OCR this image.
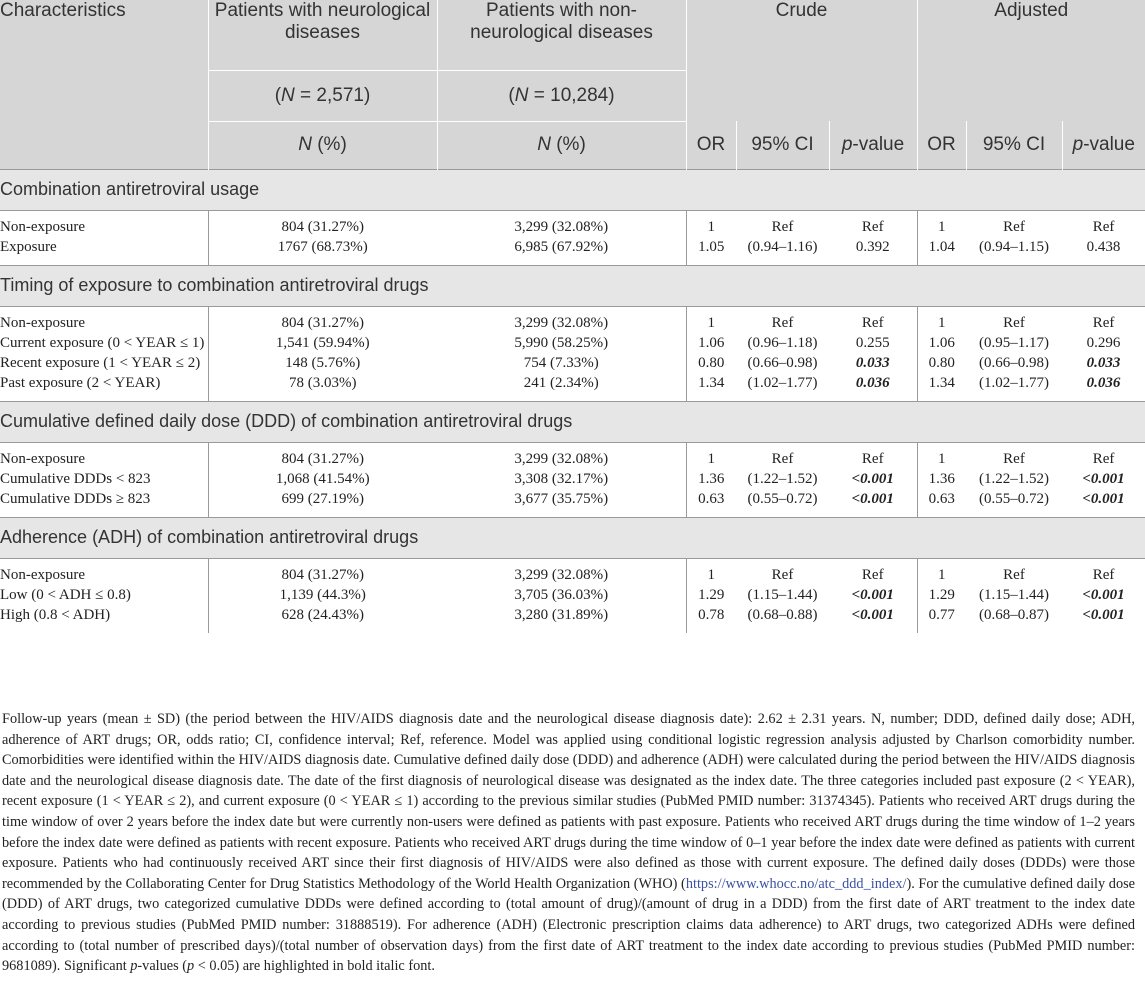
Characteristics	Patients with neurological diseases	Patients with non-neurological diseases	Crude			Adjusted		
	(N = 2,571)	(N = 10,284)						
	N (%)	N (%)	OR	95% CI	p-value	OR	95% CI	p-value
Combination antiretroviral usage								
Non-exposure	804 (31.27%)	3,299 (32.08%)	1	Ref	Ref	1	Ref	Ref
Exposure	1767 (68.73%)	6,985 (67.92%)	1.05	(0.94–1.16)	0.392	1.04	(0.94–1.15)	0.438
Timing of exposure to combination antiretroviral drugs								
Non-exposure	804 (31.27%)	3,299 (32.08%)	1	Ref	Ref	1	Ref	Ref
Current exposure (0 < YEAR ≤ 1)	1,541 (59.94%)	5,990 (58.25%)	1.06	(0.96–1.18)	0.255	1.06	(0.95–1.17)	0.296
Recent exposure (1 < YEAR ≤ 2)	148 (5.76%)	754 (7.33%)	0.80	(0.66–0.98)	0.033	0.80	(0.66–0.98)	0.033
Past exposure (2 < YEAR)	78 (3.03%)	241 (2.34%)	1.34	(1.02–1.77)	0.036	1.34	(1.02–1.77)	0.036
Cumulative defined daily dose (DDD) of combination antiretroviral drugs								
Non-exposure	804 (31.27%)	3,299 (32.08%)	1	Ref	Ref	1	Ref	Ref
Cumulative DDDs < 823	1,068 (41.54%)	3,308 (32.17%)	1.36	(1.22–1.52)	<0.001	1.36	(1.22–1.52)	<0.001
Cumulative DDDs ≥ 823	699 (27.19%)	3,677 (35.75%)	0.63	(0.55–0.72)	<0.001	0.63	(0.55–0.72)	<0.001
Adherence (ADH) of combination antiretroviral drugs								
Non-exposure	804 (31.27%)	3,299 (32.08%)	1	Ref	Ref	1	Ref	Ref
Low (0 < ADH ≤ 0.8)	1,139 (44.3%)	3,705 (36.03%)	1.29	(1.15–1.44)	<0.001	1.29	(1.15–1.44)	<0.001
High (0.8 < ADH)	628 (24.43%)	3,280 (31.89%)	0.78	(0.68–0.88)	<0.001	0.77	(0.68–0.87)	<0.001
Follow-up years (mean ± SD) (the period between the HIV/AIDS diagnosis date and the neurological disease diagnosis date): 2.62 ± 2.31 years. N, number; DDD, defined daily dose; ADH, adherence of ART drugs; OR, odds ratio; CI, confidence interval; Ref, reference. Model was applied using conditional logistic regression analysis adjusted by Charlson comorbidity number. Comorbidities were identified within the HIV/AIDS diagnosis date. Cumulative defined daily dose (DDD) and adherence (ADH) were calculated during the period between the HIV/AIDS diagnosis date and the neurological disease diagnosis date. The date of the first diagnosis of neurological disease was designated as the index date. The three categories included past exposure (2 < YEAR), recent exposure (1 < YEAR ≤ 2), and current exposure (0 < YEAR ≤ 1) according to the previous similar studies (PubMed PMID number: 31374345). Patients who received ART drugs during the time window of over 2 years before the index date but were currently non-users were defined as patients with past exposure. Patients who received ART drugs during the time window of 1–2 years before the index date were defined as patients with recent exposure. Patients who received ART drugs during the time window of 0–1 year before the index date were defined as patients with current exposure. Patients who had continuously received ART since their first diagnosis of HIV/AIDS were also defined as those with current exposure. The defined daily doses (DDDs) were those recommended by the Collaborating Center for Drug Statistics Methodology of the World Health Organization (WHO) (https://www.whocc.no/atc_ddd_index/). For the cumulative defined daily dose (DDD) of ART drugs, two categorized cumulative DDDs were defined according to (total amount of drug)/(amount of drug in a DDD) from the first date of ART treatment to the index date according to previous studies (PubMed PMID number: 31888519). For adherence (ADH) (Electronic prescription claims data adherence) to ART drugs, two categorized ADHs were defined according to (total number of prescribed days)/(total number of observation days) from the first date of ART treatment to the index date according to previous studies (PubMed PMID number: 9681089). Significant p-values (p < 0.05) are highlighted in bold italic font.
